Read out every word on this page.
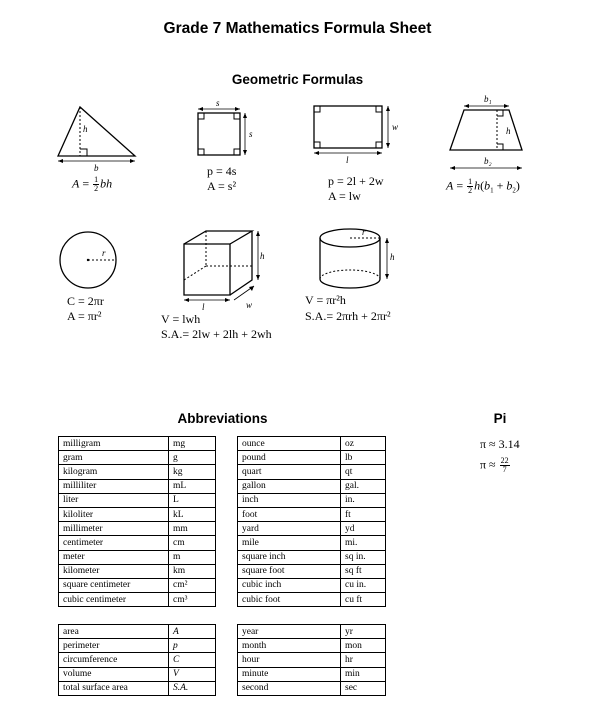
Grade 7 Mathematics Formula Sheet
Geometric Formulas
h
b
$A = \frac{1}{2}$ bh
s
s
p = 4s
A = s²
w
l
p = 2l + 2w
A = lw
b₁
h
b₂
$A = \frac{1}{2} h(b_1 + b_2)$
r
C = 2πr
A = πr²
h
l	w
V = lwh
S.A.= 2lw + 2lh + 2wh
r
h
V = πr²h
S.A.= 2πrh + 2πr²
Abbreviations	Pi
milligram	mg
gram	g
kilogram	kg
milliliter	mL
liter	L
kiloliter	kL
millimeter	mm
centimeter	cm
meter	m
kilometer	km
square centimeter	cm²
cubic centimeter	cm³
ounce	oz
pound	lb
quart	qt
gallon	gal.
inch	in.
foot	ft
yard	yd
mile	mi.
square inch	sq in.
square foot	sq ft
cubic inch	cu in.
cubic foot	cu ft
area	A
perimeter	p
circumference	C
volume	V
total surface area	S.A.
year	yr
month	mon
hour	hr
minute	min
second	sec
π ≈ 3.14
$\pi \approx \frac{22}{7}$
